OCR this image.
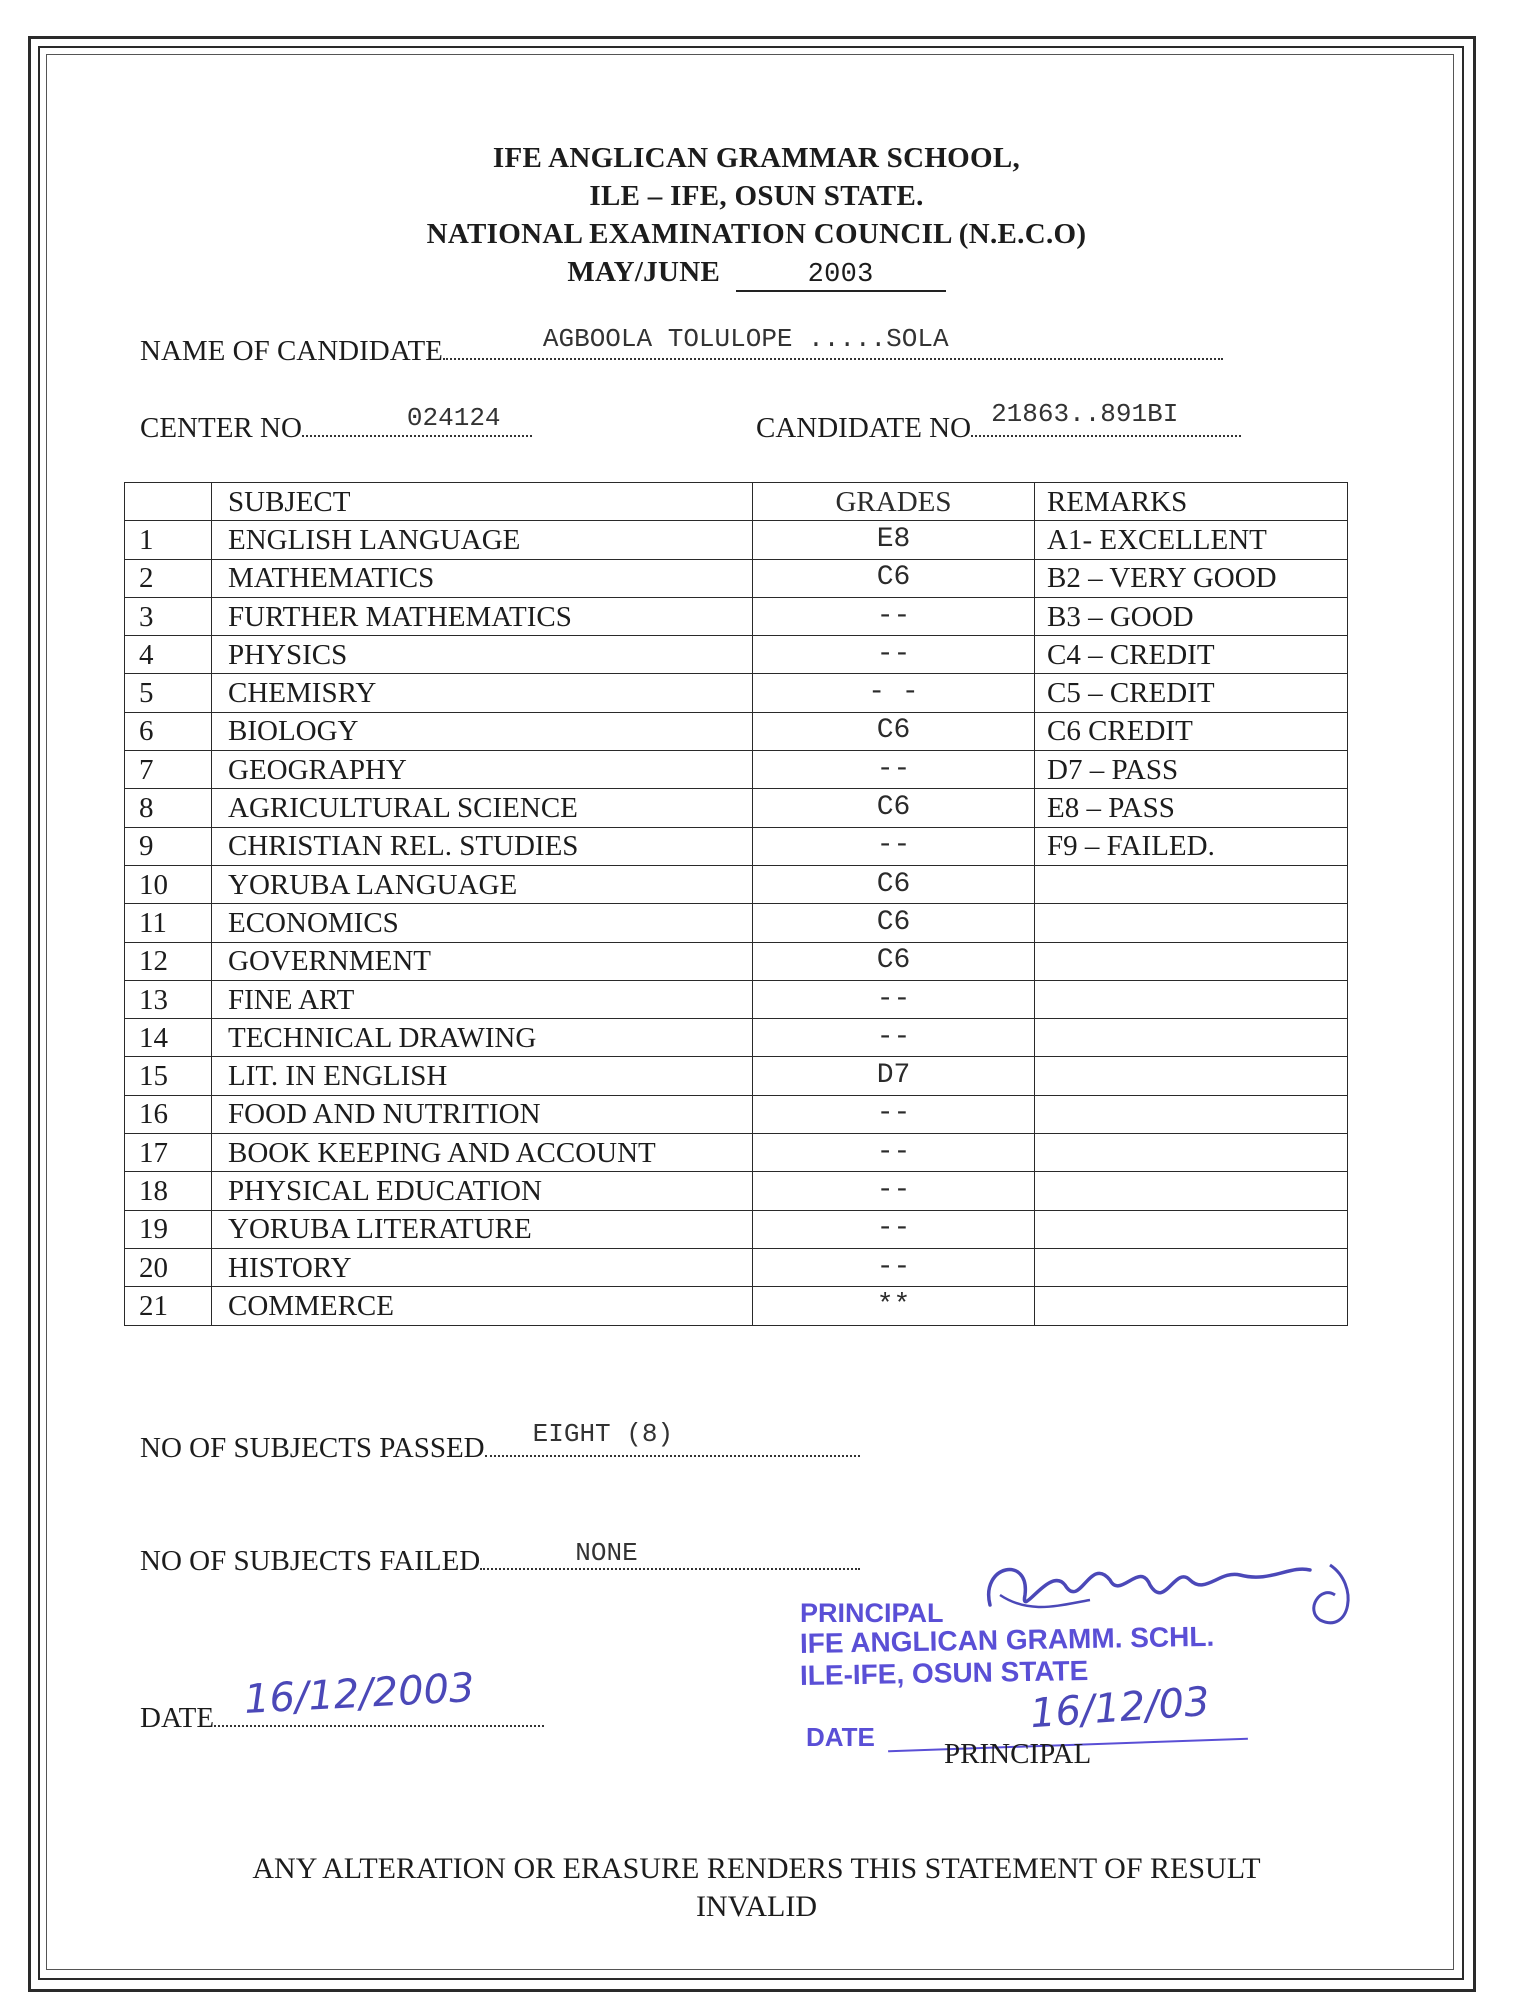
IFE ANGLICAN GRAMMAR SCHOOL,
ILE – IFE, OSUN STATE.
NATIONAL EXAMINATION COUNCIL (N.E.C.O)
MAY/JUNE	2003
NAME OF CANDIDATE	AGBOOLA TOLULOPE .....SOLA
CENTER NO	024124	CANDIDATE NO 21863..891BI
	SUBJECT	GRADES	REMARKS
1	ENGLISH LANGUAGE	E8	A1- EXCELLENT
2	MATHEMATICS	C6	B2 – VERY GOOD
3	FURTHER MATHEMATICS	--	B3 – GOOD
4	PHYSICS	--	C4 – CREDIT
5	CHEMISRY	- -	C5 – CREDIT
6	BIOLOGY	C6	C6 CREDIT
7	GEOGRAPHY	--	D7 – PASS
8	AGRICULTURAL SCIENCE	C6	E8 – PASS
9	CHRISTIAN REL. STUDIES	--	F9 – FAILED.
10	YORUBA LANGUAGE	C6	
11	ECONOMICS	C6	
12	GOVERNMENT	C6	
13	FINE ART	--	
14	TECHNICAL DRAWING	--	
15	LIT. IN ENGLISH	D7	
16	FOOD AND NUTRITION	--	
17	BOOK KEEPING AND ACCOUNT	--	
18	PHYSICAL EDUCATION	--	
19	YORUBA LITERATURE	--	
20	HISTORY	--	
21	COMMERCE	**	
NO OF SUBJECTS PASSED EIGHT (8)
NO OF SUBJECTS FAILED	NONE
DATE 16/12/2003
PRINCIPAL
IFE ANGLICAN GRAMM. SCHL.
ILE-IFE, OSUN STATE
DATE	16/12/03
PRINCIPAL
ANY ALTERATION OR ERASURE RENDERS THIS STATEMENT OF RESULT
INVALID
